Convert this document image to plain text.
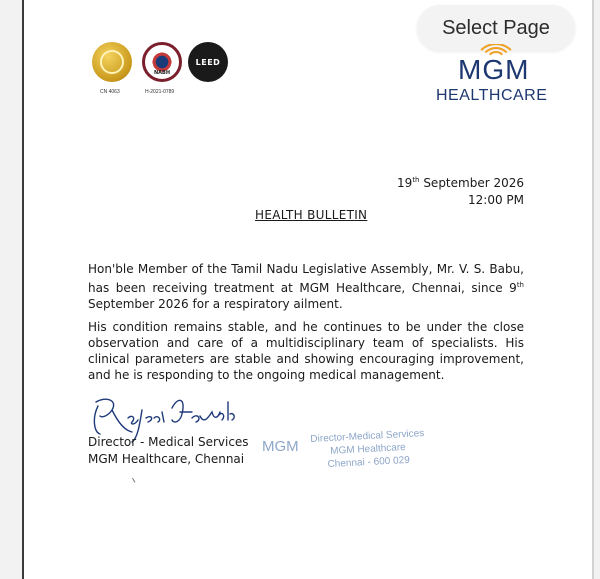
Select Page
CN 4063
NABH
H-2021-0789
LEED	MGM
HEALTHCARE
19th September 2026
12:00 PM
HEALTH BULLETIN

Hon'ble Member of the Tamil Nadu Legislative Assembly, Mr. V. S. Babu, has been receiving treatment at MGM Healthcare, Chennai, since 9th September 2026 for a respiratory ailment.

His condition remains stable, and he continues to be under the close observation and care of a multidisciplinary team of specialists. His clinical parameters are stable and showing encouraging improvement, and he is responding to the ongoing medical management.

Director - Medical Services
MGM Healthcare, Chennai
MGM
Director-Medical Services
MGM Healthcare
Chennai - 600 029
